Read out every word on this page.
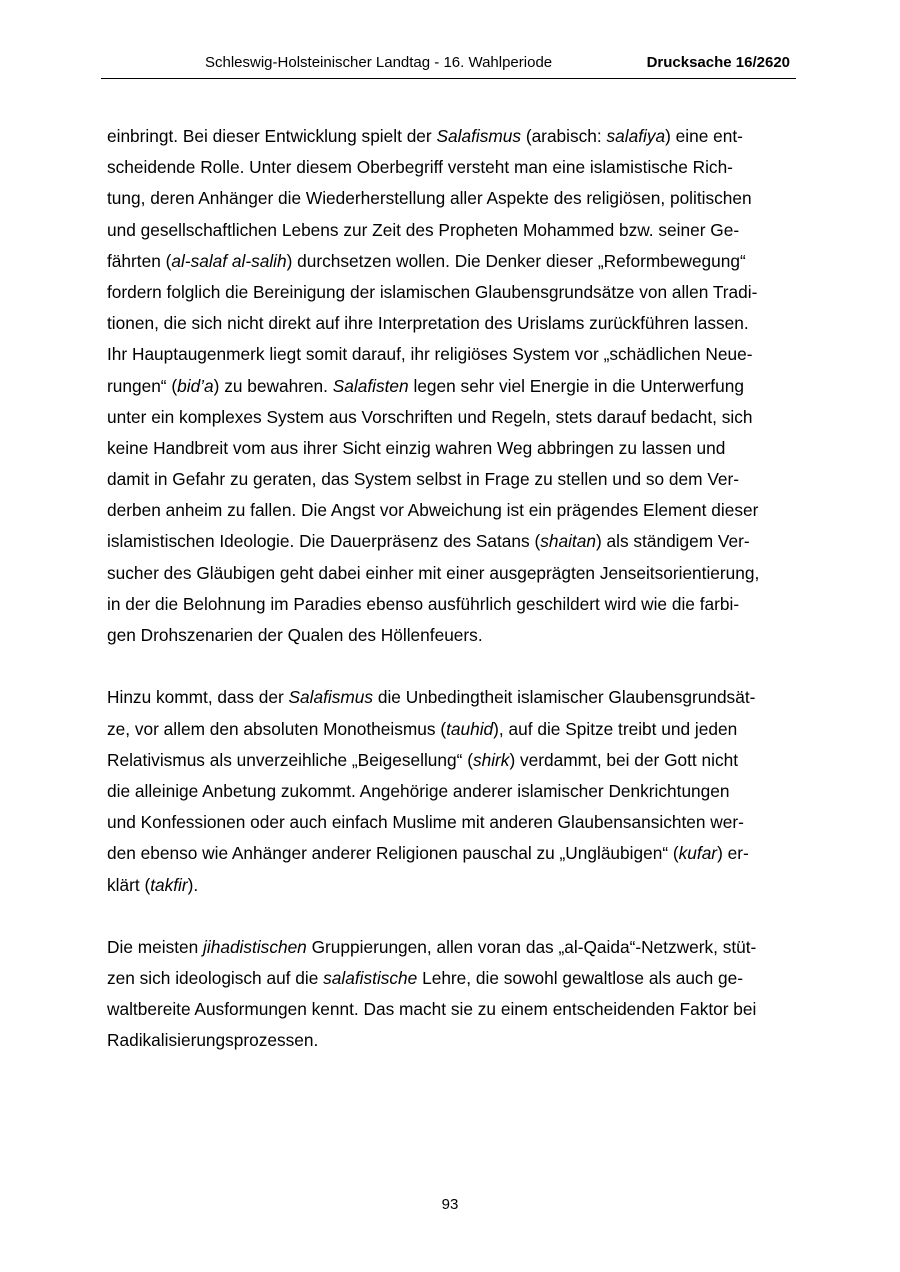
Schleswig-Holsteinischer Landtag - 16. Wahlperiode	Drucksache 16/2620
einbringt. Bei dieser Entwicklung spielt der Salafismus (arabisch: salafiya) eine ent-
scheidende Rolle. Unter diesem Oberbegriff versteht man eine islamistische Rich-
tung, deren Anhänger die Wiederherstellung aller Aspekte des religiösen, politischen
und gesellschaftlichen Lebens zur Zeit des Propheten Mohammed bzw. seiner Ge-
fährten (al-salaf al-salih) durchsetzen wollen. Die Denker dieser „Reformbewegung“
fordern folglich die Bereinigung der islamischen Glaubensgrundsätze von allen Tradi-
tionen, die sich nicht direkt auf ihre Interpretation des Urislams zurückführen lassen.
Ihr Hauptaugenmerk liegt somit darauf, ihr religiöses System vor „schädlichen Neue-
rungen“ (bid’a) zu bewahren. Salafisten legen sehr viel Energie in die Unterwerfung
unter ein komplexes System aus Vorschriften und Regeln, stets darauf bedacht, sich
keine Handbreit vom aus ihrer Sicht einzig wahren Weg abbringen zu lassen und
damit in Gefahr zu geraten, das System selbst in Frage zu stellen und so dem Ver-
derben anheim zu fallen. Die Angst vor Abweichung ist ein prägendes Element dieser
islamistischen Ideologie. Die Dauerpräsenz des Satans (shaitan) als ständigem Ver-
sucher des Gläubigen geht dabei einher mit einer ausgeprägten Jenseitsorientierung,
in der die Belohnung im Paradies ebenso ausführlich geschildert wird wie die farbi-
gen Drohszenarien der Qualen des Höllenfeuers.
Hinzu kommt, dass der Salafismus die Unbedingtheit islamischer Glaubensgrundsät-
ze, vor allem den absoluten Monotheismus (tauhid), auf die Spitze treibt und jeden
Relativismus als unverzeihliche „Beigesellung“ (shirk) verdammt, bei der Gott nicht
die alleinige Anbetung zukommt. Angehörige anderer islamischer Denkrichtungen
und Konfessionen oder auch einfach Muslime mit anderen Glaubensansichten wer-
den ebenso wie Anhänger anderer Religionen pauschal zu „Ungläubigen“ (kufar) er-
klärt (takfir).
Die meisten jihadistischen Gruppierungen, allen voran das „al-Qaida“-Netzwerk, stüt-
zen sich ideologisch auf die salafistische Lehre, die sowohl gewaltlose als auch ge-
waltbereite Ausformungen kennt. Das macht sie zu einem entscheidenden Faktor bei
Radikalisierungsprozessen.
93
